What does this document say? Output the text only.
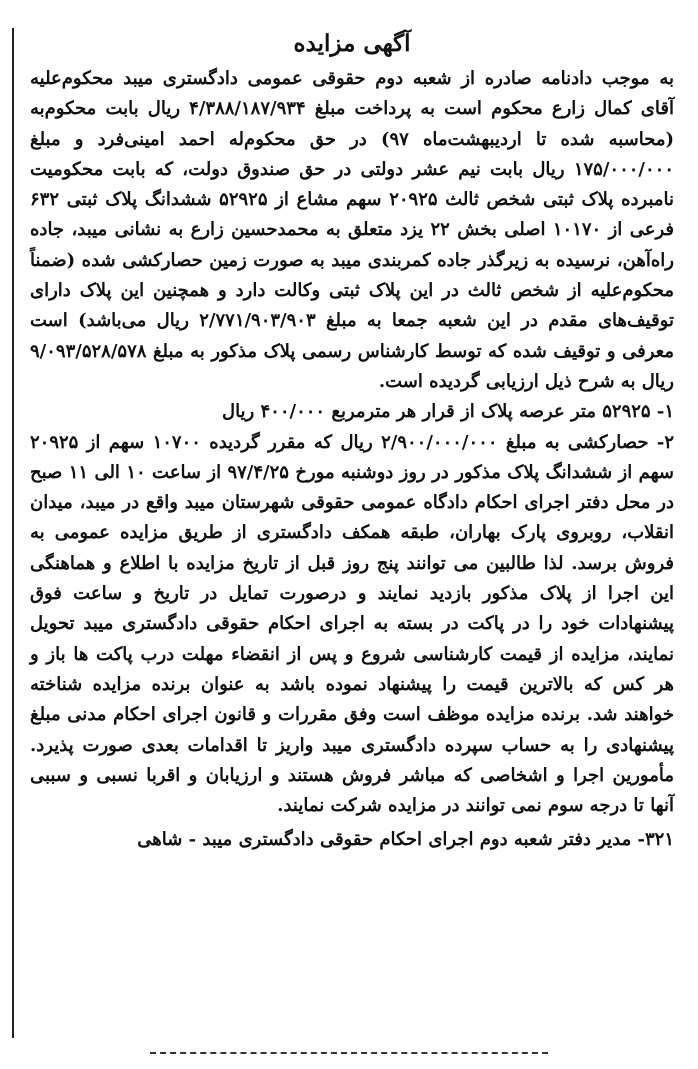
آگهی مزایده

به موجب دادنامه صادره از شعبه دوم حقوقی عمومی دادگستری میبد محکوم‌علیه آقای کمال زارع محکوم است به پرداخت مبلغ ۴/۳۸۸/۱۸۷/۹۳۴ ریال بابت محکوم‌به (محاسبه شده تا اردیبهشت‌ماه ۹۷) در حق محکوم‌له احمد امینی‌فرد و مبلغ ۱۷۵/۰۰۰/۰۰۰ ریال بابت نیم عشر دولتی در حق صندوق دولت، که بابت محکومیت نامبرده پلاک ثبتی شخص ثالث ۲۰۹۲۵ سهم مشاع از ۵۲۹۲۵ ششدانگ پلاک ثبتی ۶۳۲ فرعی از ۱۰۱۷۰ اصلی بخش ۲۲ یزد متعلق به محمدحسین زارع به نشانی میبد، جاده راه‌آهن، نرسیده به زیرگذر جاده کمربندی میبد به صورت زمین حصارکشی شده (ضمناً محکوم‌علیه از شخص ثالث در این پلاک ثبتی وکالت دارد و همچنین این پلاک دارای توقیف‌های مقدم در این شعبه جمعا به مبلغ ۲/۷۷۱/۹۰۳/۹۰۳ ریال می‌باشد) است معرفی و توقیف شده که توسط کارشناس رسمی پلاک مذکور به مبلغ ۹/۰۹۳/۵۲۸/۵۷۸ ریال به شرح ذیل ارزیابی گردیده است.

۱- ۵۲۹۲۵ متر عرصه پلاک از قرار هر مترمربع ۴۰۰/۰۰۰ ریال

۲- حصارکشی به مبلغ ۲/۹۰۰/۰۰۰/۰۰۰ ریال که مقرر گردیده ۱۰۷۰۰ سهم از ۲۰۹۲۵ سهم از ششدانگ پلاک مذکور در روز دوشنبه مورخ ۹۷/۴/۲۵ از ساعت ۱۰ الی ۱۱ صبح در محل دفتر اجرای احکام دادگاه عمومی حقوقی شهرستان میبد واقع در میبد، میدان انقلاب، روبروی پارک بهاران، طبقه همکف دادگستری از طریق مزایده عمومی به فروش برسد. لذا طالبین می توانند پنج روز قبل از تاریخ مزایده با اطلاع و هماهنگی این اجرا از پلاک مذکور بازدید نمایند و درصورت تمایل در تاریخ و ساعت فوق پیشنهادات خود را در پاکت در بسته به اجرای احکام حقوقی دادگستری میبد تحویل نمایند، مزایده از قیمت کارشناسی شروع و پس از انقضاء مهلت درب پاکت ها باز و هر کس که بالاترین قیمت را پیشنهاد نموده باشد به عنوان برنده مزایده شناخته خواهند شد. برنده مزایده موظف است وفق مقررات و قانون اجرای احکام مدنی مبلغ پیشنهادی را به حساب سپرده دادگستری میبد واریز تا اقدامات بعدی صورت پذیرد. مأمورین اجرا و اشخاصی که مباشر فروش هستند و ارزیابان و اقربا نسبی و سببی آنها تا درجه سوم نمی توانند در مزایده شرکت نمایند.

۳۲۱- مدیر دفتر شعبه دوم اجرای احکام حقوقی دادگستری میبد - شاهی
